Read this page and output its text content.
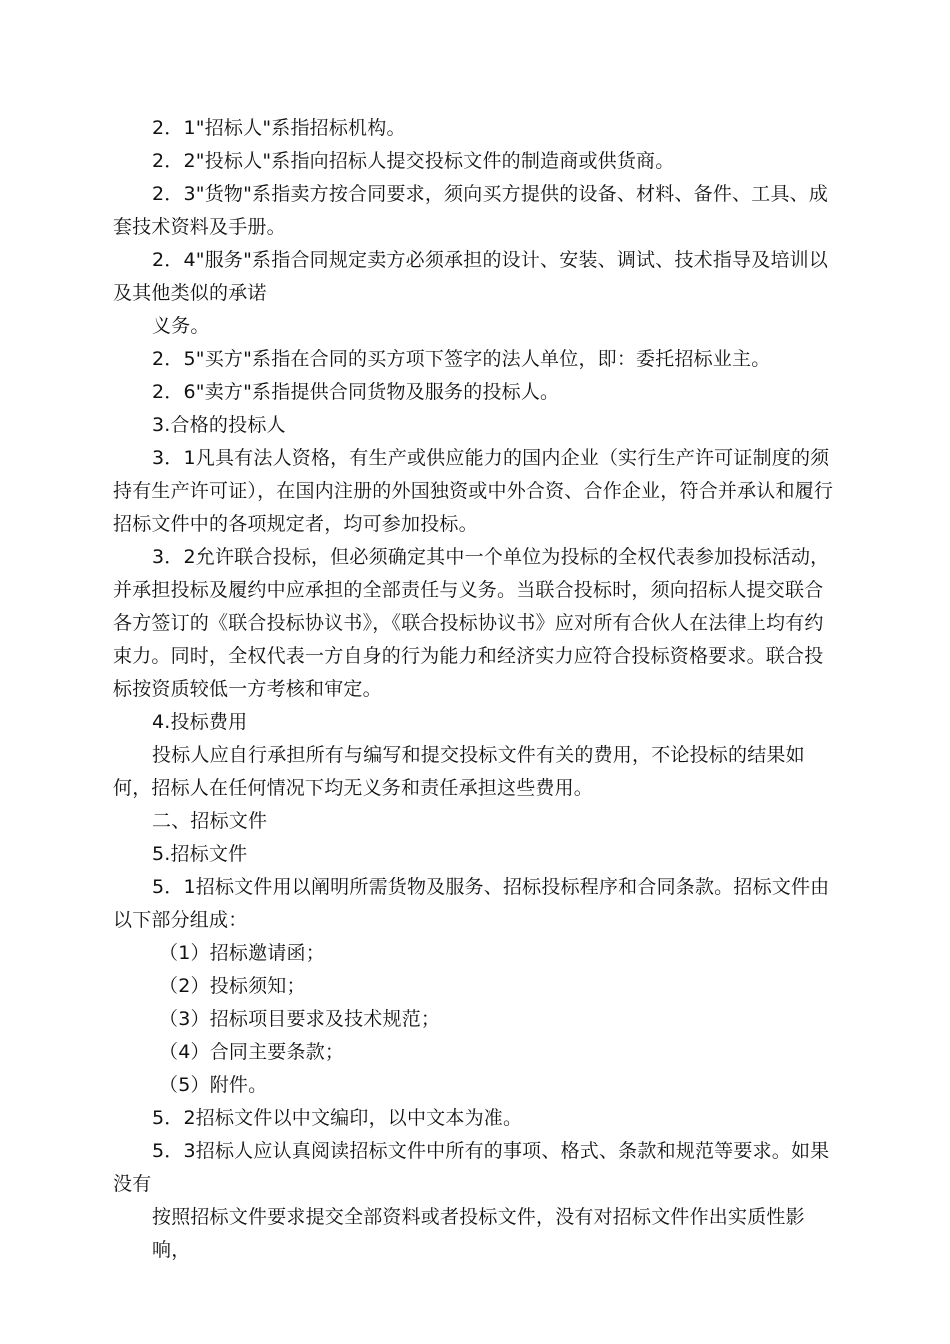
2．1"招标人"系指招标机构。

2．2"投标人"系指向招标人提交投标文件的制造商或供货商。

2．3"货物"系指卖方按合同要求，须向买方提供的设备、材料、备件、工具、成套技术资料及手册。

2．4"服务"系指合同规定卖方必须承担的设计、安装、调试、技术指导及培训以及其他类似的承诺

义务。

2．5"买方"系指在合同的买方项下签字的法人单位，即：委托招标业主。

2．6"卖方"系指提供合同货物及服务的投标人。

3.合格的投标人

3．1凡具有法人资格，有生产或供应能力的国内企业（实行生产许可证制度的须持有生产许可证），在国内注册的外国独资或中外合资、合作企业，符合并承认和履行招标文件中的各项规定者，均可参加投标。

3．2允许联合投标，但必须确定其中一个单位为投标的全权代表参加投标活动，并承担投标及履约中应承担的全部责任与义务。当联合投标时，须向招标人提交联合各方签订的《联合投标协议书》，《联合投标协议书》应对所有合伙人在法律上均有约束力。同时，全权代表一方自身的行为能力和经济实力应符合投标资格要求。联合投标按资质较低一方考核和审定。

4.投标费用

投标人应自行承担所有与编写和提交投标文件有关的费用，不论投标的结果如何，招标人在任何情况下均无义务和责任承担这些费用。

二、招标文件

5.招标文件

5．1招标文件用以阐明所需货物及服务、招标投标程序和合同条款。招标文件由以下部分组成：

（1）招标邀请函；

（2）投标须知；

（3）招标项目要求及技术规范；

（4）合同主要条款；

（5）附件。

5．2招标文件以中文编印，以中文本为准。

5．3招标人应认真阅读招标文件中所有的事项、格式、条款和规范等要求。如果没有

按照招标文件要求提交全部资料或者投标文件，没有对招标文件作出实质性影响，
